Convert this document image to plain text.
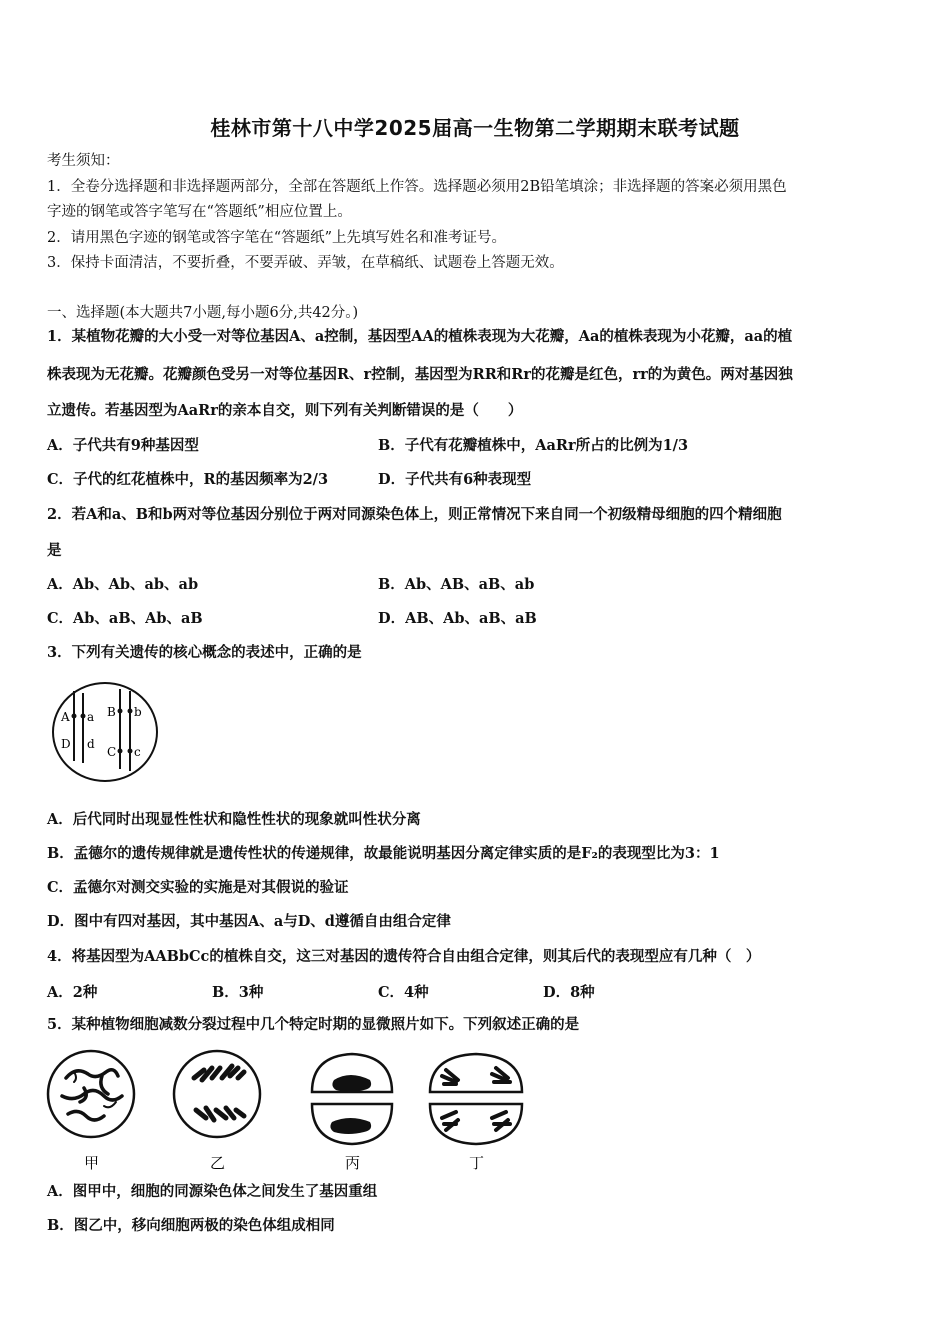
桂林市第十八中学2025届高一生物第二学期期末联考试题
考生须知：
1．全卷分选择题和非选择题两部分，全部在答题纸上作答。选择题必须用2B铅笔填涂；非选择题的答案必须用黑色
字迹的钢笔或答字笔写在“答题纸”相应位置上。
2．请用黑色字迹的钢笔或答字笔在“答题纸”上先填写姓名和准考证号。
3．保持卡面清洁，不要折叠，不要弄破、弄皱，在草稿纸、试题卷上答题无效。
一、选择题(本大题共7小题,每小题6分,共42分。)
1．某植物花瓣的大小受一对等位基因A、a控制，基因型AA的植株表现为大花瓣，Aa的植株表现为小花瓣，aa的植
株表现为无花瓣。花瓣颜色受另一对等位基因R、r控制，基因型为RR和Rr的花瓣是红色，rr的为黄色。两对基因独
立遗传。若基因型为AaRr的亲本自交，则下列有关判断错误的是（　　）
A．子代共有9种基因型	B．子代有花瓣植株中，AaRr所占的比例为1/3
C．子代的红花植株中，R的基因频率为2/3	D．子代共有6种表现型
2．若A和a、B和b两对等位基因分别位于两对同源染色体上，则正常情况下来自同一个初级精母细胞的四个精细胞
是
A．Ab、Ab、ab、ab	B．Ab、AB、aB、ab
C．Ab、aB、Ab、aB	D．AB、Ab、aB、aB
3．下列有关遗传的核心概念的表述中，正确的是
A a
D d
B b
C c
A．后代同时出现显性性状和隐性性状的现象就叫性状分离
B．孟德尔的遗传规律就是遗传性状的传递规律，故最能说明基因分离定律实质的是F₂的表现型比为3：1
C．孟德尔对测交实验的实施是对其假说的验证
D．图中有四对基因，其中基因A、a与D、d遵循自由组合定律
4．将基因型为AABbCc的植株自交，这三对基因的遗传符合自由组合定律，则其后代的表现型应有几种（　）
A．2种	B．3种	C．4种	D．8种
5．某种植物细胞减数分裂过程中几个特定时期的显微照片如下。下列叙述正确的是
甲	乙	丙	丁
A．图甲中，细胞的同源染色体之间发生了基因重组
B．图乙中，移向细胞两极的染色体组成相同
